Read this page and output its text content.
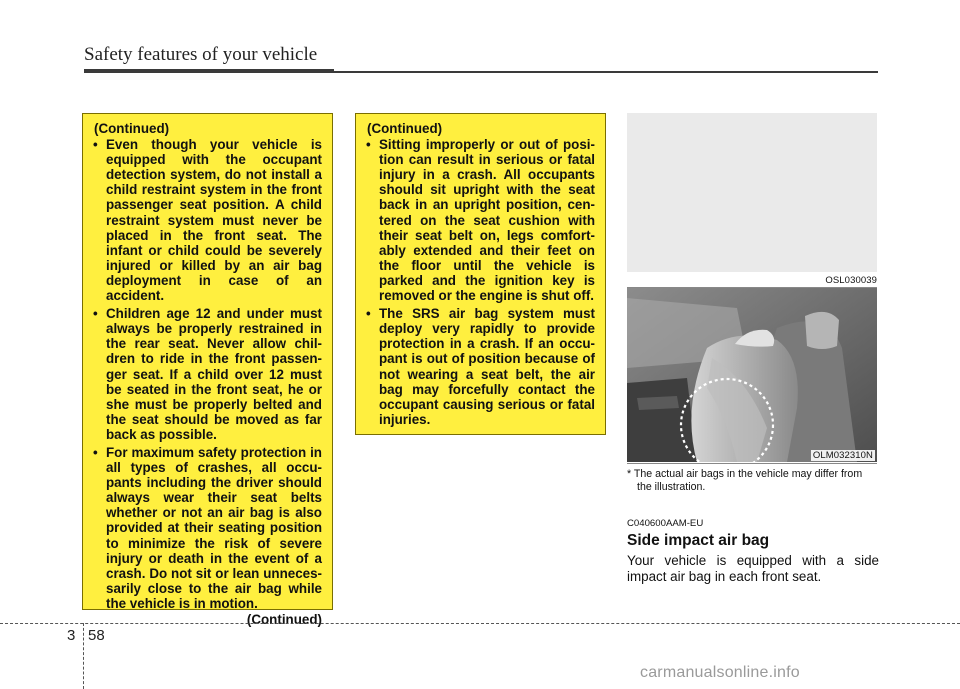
Safety features of your vehicle
(Continued)
• Even though your vehicle is equipped with the occupant detection system, do not install a child restraint system in the front passenger seat position. A child restraint system must never be placed in the front seat. The infant or child could be severely injured or killed by an air bag deployment in case of an accident.
• Children age 12 and under must always be properly restrained in the rear seat. Never allow chil-dren to ride in the front passen-ger seat. If a child over 12 must be seated in the front seat, he or she must be properly belted and the seat should be moved as far back as possible.
• For maximum safety protection in all types of crashes, all occu-pants including the driver should always wear their seat belts whether or not an air bag is also provided at their seating position to minimize the risk of severe injury or death in the event of a crash. Do not sit or lean unneces-sarily close to the air bag while the vehicle is in motion.
(Continued)
(Continued)
• Sitting improperly or out of posi-tion can result in serious or fatal injury in a crash. All occupants should sit upright with the seat back in an upright position, cen-tered on the seat cushion with their seat belt on, legs comfort-ably extended and their feet on the floor until the vehicle is parked and the ignition key is removed or the engine is shut off.
• The SRS air bag system must deploy very rapidly to provide protection in a crash. If an occu-pant is out of position because of not wearing a seat belt, the air bag may forcefully contact the occupant causing serious or fatal injuries.
OSL030039
OLM032310N
* The actual air bags in the vehicle may differ from the illustration.
C040600AAM-EU
Side impact air bag
Your vehicle is equipped with a side impact air bag in each front seat.
3 58
carmanualsonline.info
